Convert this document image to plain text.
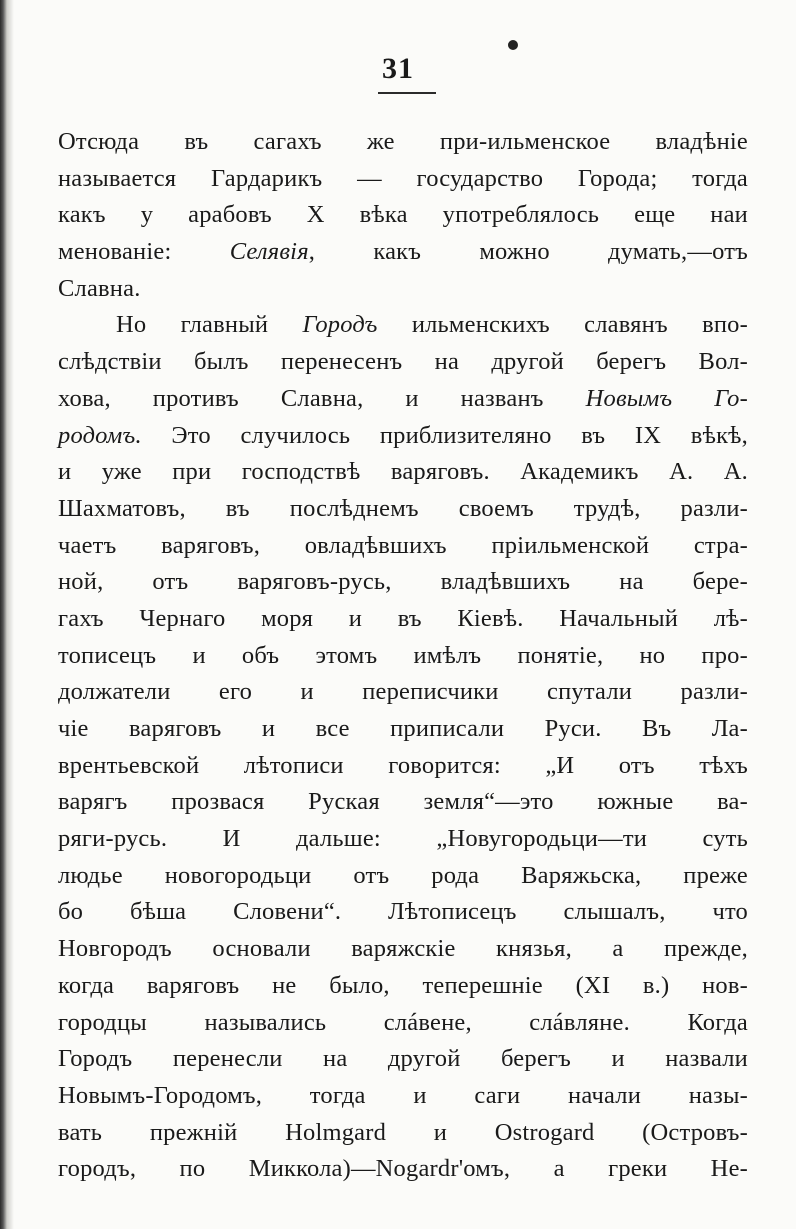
31
Отсюда въ сагахъ же при-ильменское владѣніе
называется Гардарикъ — государство Города; тогда
какъ у арабовъ X вѣка употреблялось еще наи
менованіе: Селявія, какъ можно думать,—отъ
Славна.
Но главный Городъ ильменскихъ славянъ впо-
слѣдствіи былъ перенесенъ на другой берегъ Вол-
хова, противъ Славна, и названъ Новымъ Го-
родомъ. Это случилось приблизителяно въ IX вѣкѣ,
и уже при господствѣ варяговъ. Академикъ А. А.
Шахматовъ, въ послѣднемъ своемъ трудѣ, разли-
чаетъ варяговъ, овладѣвшихъ пріильменской стра-
ной, отъ варяговъ-русь, владѣвшихъ на бере-
гахъ Чернаго моря и въ Кіевѣ. Начальный лѣ-
тописецъ и объ этомъ имѣлъ понятіе, но про-
должатели его и переписчики спутали разли-
чіе варяговъ и все приписали Руси. Въ Ла-
врентьевской лѣтописи говорится: „И отъ тѣхъ
варягъ прозвася Руская земля“—это южные ва-
ряги-русь. И дальше: „Новугородьци—ти суть
людье новогородьци отъ рода Варяжьска, преже
бо бѣша Словени“. Лѣтописецъ слышалъ, что
Новгородъ основали варяжскіе князья, а прежде,
когда варяговъ не было, теперешніе (XI в.) нов-
городцы назывались слáвене, слáвляне. Когда
Городъ перенесли на другой берегъ и назвали
Новымъ-Городомъ, тогда и саги начали назы-
вать прежній Holmgard и Ostrogard (Островъ-
городъ, по Миккола)—Nogardr'омъ, а греки Не-
